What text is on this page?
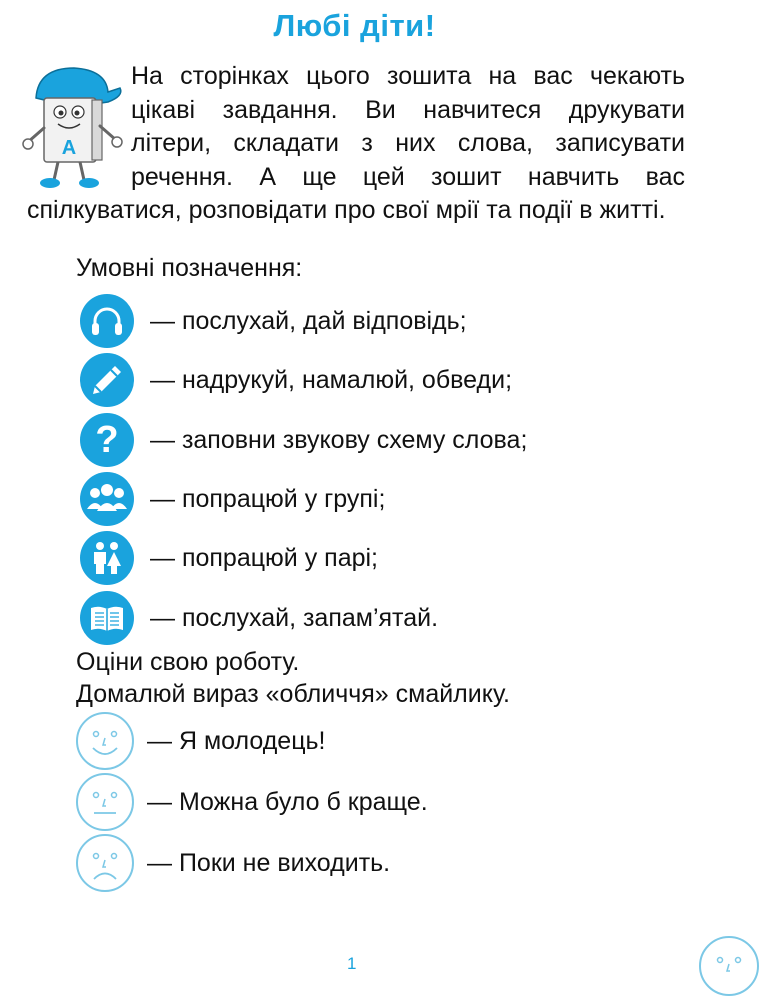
Любі діти!
A
На сторінках цього зошита на вас чекають цікаві завдання. Ви навчитеся друкувати літери, складати з них слова, записувати речення. А ще цей зошит навчить вас спілкуватися, розповідати про свої мрії та події в житті.
Умовні позначення:
— послухай, дай відповідь;
— надрукуй, намалюй, обведи;
? — заповни звукову схему слова;
— попрацюй у групі;
— попрацюй у парі;
— послухай, запам’ятай.
Оціни свою роботу.
Домалюй вираз «обличчя» смайлику.
— Я молодець!
— Можна було б краще.
— Поки не виходить.
1
